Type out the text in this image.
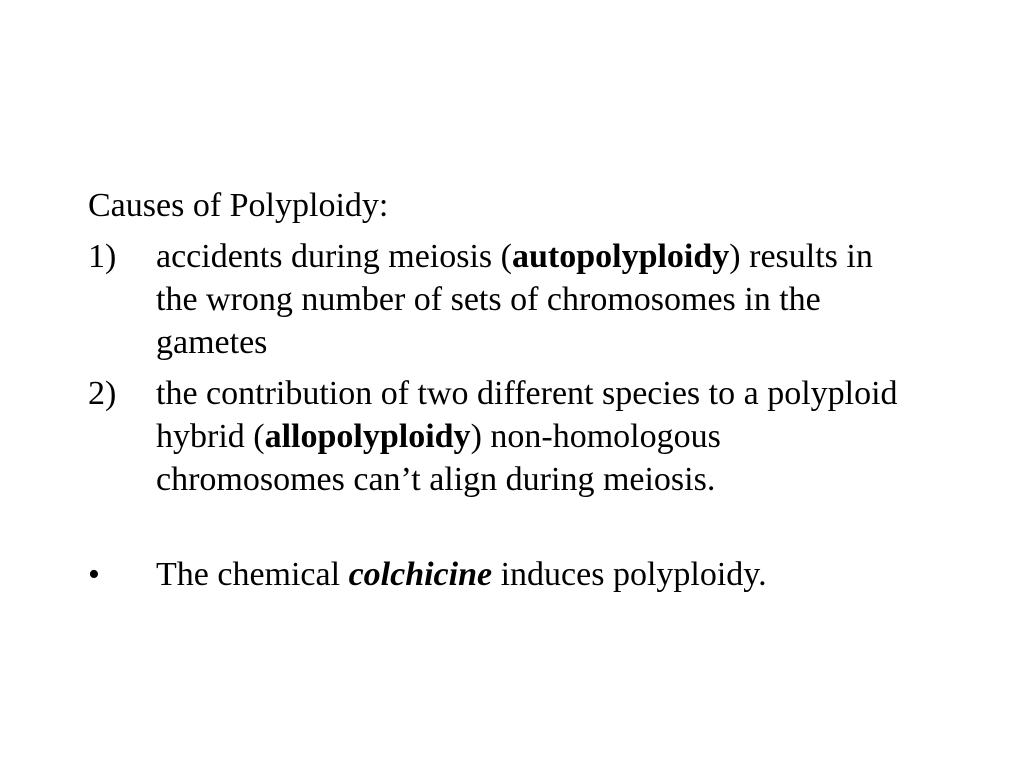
Causes of Polyploidy:
1) accidents during meiosis (autopolyploidy) results in the wrong number of sets of chromosomes in the gametes
2) the contribution of two different species to a polyploid hybrid (allopolyploidy) non-homologous chromosomes can’t align during meiosis.
• The chemical colchicine induces polyploidy.
